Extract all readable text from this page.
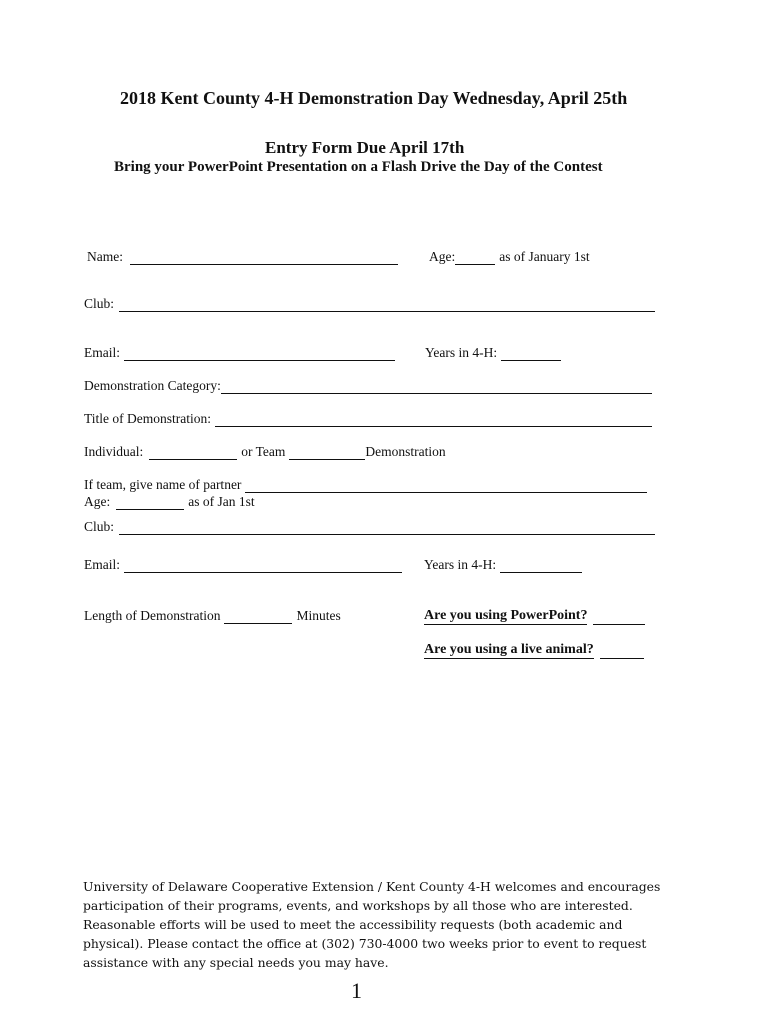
2018 Kent County 4-H Demonstration Day Wednesday, April 25th
Entry Form Due April 17th
Bring your PowerPoint Presentation on a Flash Drive the Day of the Contest
Name:	Age:	as of January 1st
Club:
Email:	Years in 4-H:
Demonstration Category:
Title of Demonstration:
Individual:	or Team	Demonstration
If team, give name of partner
Age:	as of Jan 1st
Club:
Email:	Years in 4-H:
Length of Demonstration	Minutes	Are you using PowerPoint?
Are you using a live animal?
University of Delaware Cooperative Extension / Kent County 4-H welcomes and encourages participation of their programs, events, and workshops by all those who are interested. Reasonable efforts will be used to meet the accessibility requests (both academic and physical). Please contact the office at (302) 730-4000 two weeks prior to event to request assistance with any special needs you may have.
1
